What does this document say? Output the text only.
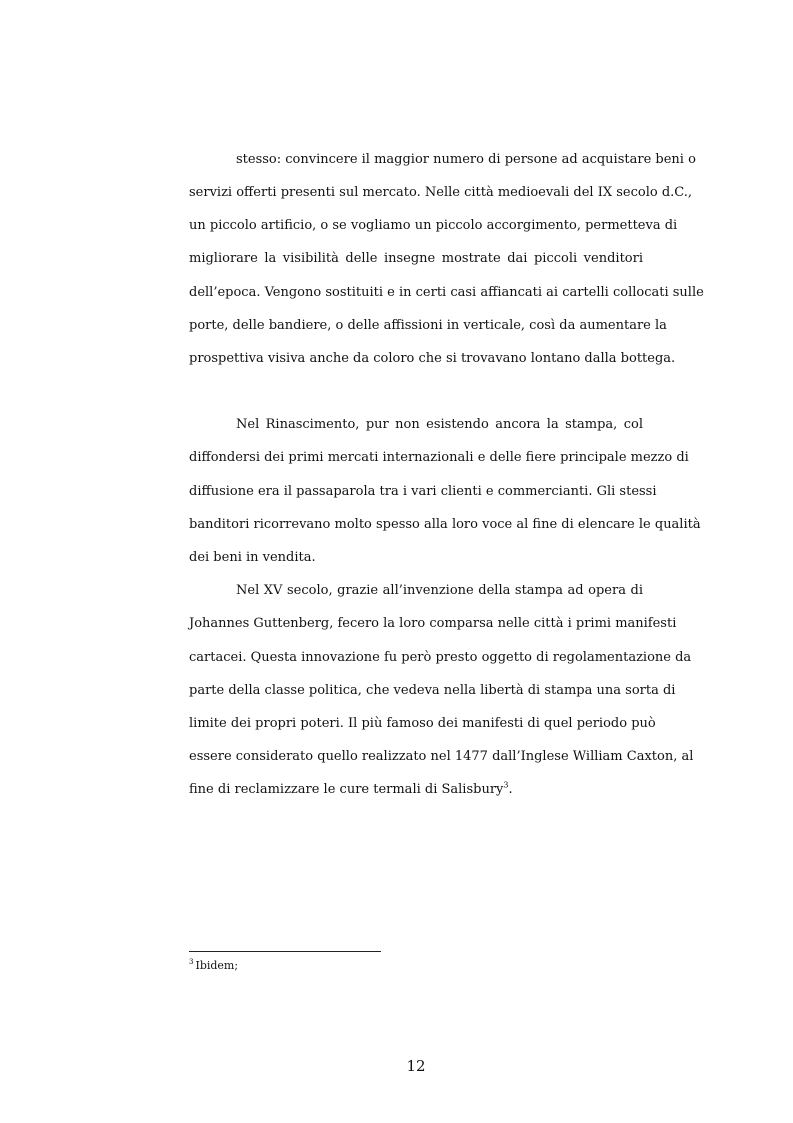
stesso: convincere il maggior numero di persone ad acquistare beni o
servizi offerti presenti sul mercato. Nelle città medioevali del IX secolo d.C.,
un piccolo artificio, o se vogliamo un piccolo accorgimento, permetteva di
migliorare la visibilità delle insegne mostrate dai piccoli venditori
dell’epoca. Vengono sostituiti e in certi casi affiancati ai cartelli collocati sulle
porte, delle bandiere, o delle affissioni in verticale, così da aumentare la
prospettiva visiva anche da coloro che si trovavano lontano dalla bottega.
Nel Rinascimento, pur non esistendo ancora la stampa, col
diffondersi dei primi mercati internazionali e delle fiere principale mezzo di
diffusione era il passaparola tra i vari clienti e commercianti. Gli stessi
banditori ricorrevano molto spesso alla loro voce al fine di elencare le qualità
dei beni in vendita.
Nel XV secolo, grazie all’invenzione della stampa ad opera di
Johannes Guttenberg, fecero la loro comparsa nelle città i primi manifesti
cartacei. Questa innovazione fu però presto oggetto di regolamentazione da
parte della classe politica, che vedeva nella libertà di stampa una sorta di
limite dei propri poteri. Il più famoso dei manifesti di quel periodo può
essere considerato quello realizzato nel 1477 dall’Inglese William Caxton, al
fine di reclamizzare le cure termali di Salisbury$^3$.
$^3$ Ibidem;
12
